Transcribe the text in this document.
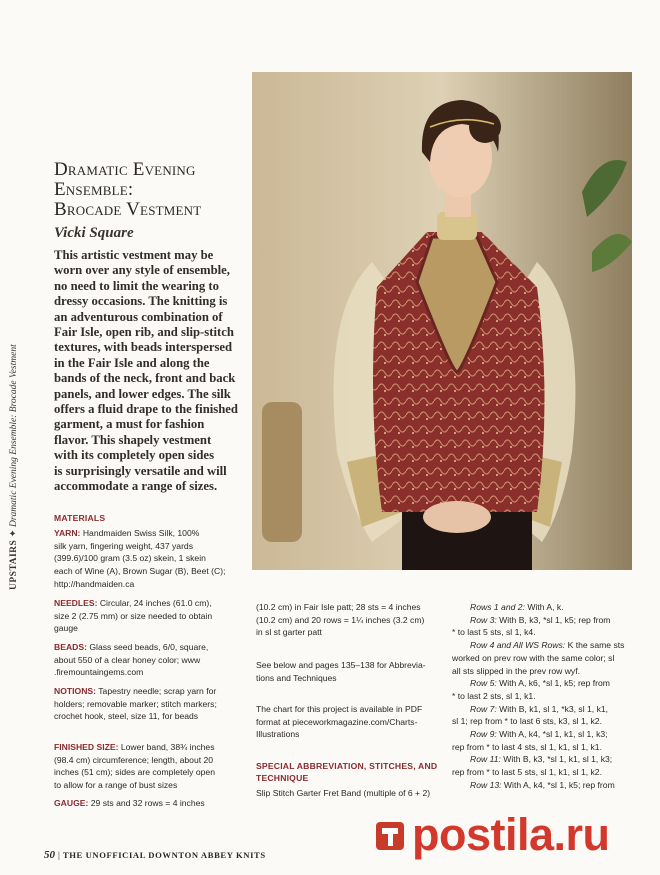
UPSTAIRS ✦ Dramatic Evening Ensemble: Brocade Vestment
Dramatic Evening
Ensemble:
Brocade Vestment
Vicki Square
This artistic vestment may be
worn over any style of ensemble,
no need to limit the wearing to
dressy occasions. The knitting is
an adventurous combination of
Fair Isle, open rib, and slip-stitch
textures, with beads interspersed
in the Fair Isle and along the
bands of the neck, front and back
panels, and lower edges. The silk
offers a fluid drape to the finished
garment, a must for fashion
flavor. This shapely vestment
with its completely open sides
is surprisingly versatile and will
accommodate a range of sizes.
MATERIALS
YARN: Handmaiden Swiss Silk, 100%
silk yarn, fingering weight, 437 yards
(399.6)/100 gram (3.5 oz) skein, 1 skein
each of Wine (A), Brown Sugar (B), Beet (C);
http://handmaiden.ca
NEEDLES: Circular, 24 inches (61.0 cm),
size 2 (2.75 mm) or size needed to obtain
gauge
BEADS: Glass seed beads, 6/0, square,
about 550 of a clear honey color; www
.firemountaingems.com
NOTIONS: Tapestry needle; scrap yarn for
holders; removable marker; stitch markers;
crochet hook, steel, size 11, for beads
FINISHED SIZE: Lower band, 38¾ inches
(98.4 cm) circumference; length, about 20
inches (51 cm); sides are completely open
to allow for a range of bust sizes
GAUGE: 29 sts and 32 rows = 4 inches
(10.2 cm) in Fair Isle patt; 28 sts = 4 inches
(10.2 cm) and 20 rows = 1¼ inches (3.2 cm)
in sl st garter patt
See below and pages 135–138 for Abbrevia-
tions and Techniques
The chart for this project is available in PDF
format at pieceworkmagazine.com/Charts-
Illustrations
SPECIAL ABBREVIATION, STITCHES, AND
TECHNIQUE
Slip Stitch Garter Fret Band (multiple of 6 + 2)
Rows 1 and 2: With A, k.
Row 3: With B, k3, *sl 1, k5; rep from
* to last 5 sts, sl 1, k4.
Row 4 and All WS Rows: K the same sts
worked on prev row with the same color; sl
all sts slipped in the prev row wyf.
Row 5: With A, k6, *sl 1, k5; rep from
* to last 2 sts, sl 1, k1.
Row 7: With B, k1, sl 1, *k3, sl 1, k1,
sl 1; rep from * to last 6 sts, k3, sl 1, k2.
Row 9: With A, k4, *sl 1, k1, sl 1, k3;
rep from * to last 4 sts, sl 1, k1, sl 1, k1.
Row 11: With B, k3, *sl 1, k1, sl 1, k3;
rep from * to last 5 sts, sl 1, k1, sl 1, k2.
Row 13: With A, k4, *sl 1, k5; rep from
50 | THE UNOFFICIAL DOWNTON ABBEY KNITS	postila.ru
